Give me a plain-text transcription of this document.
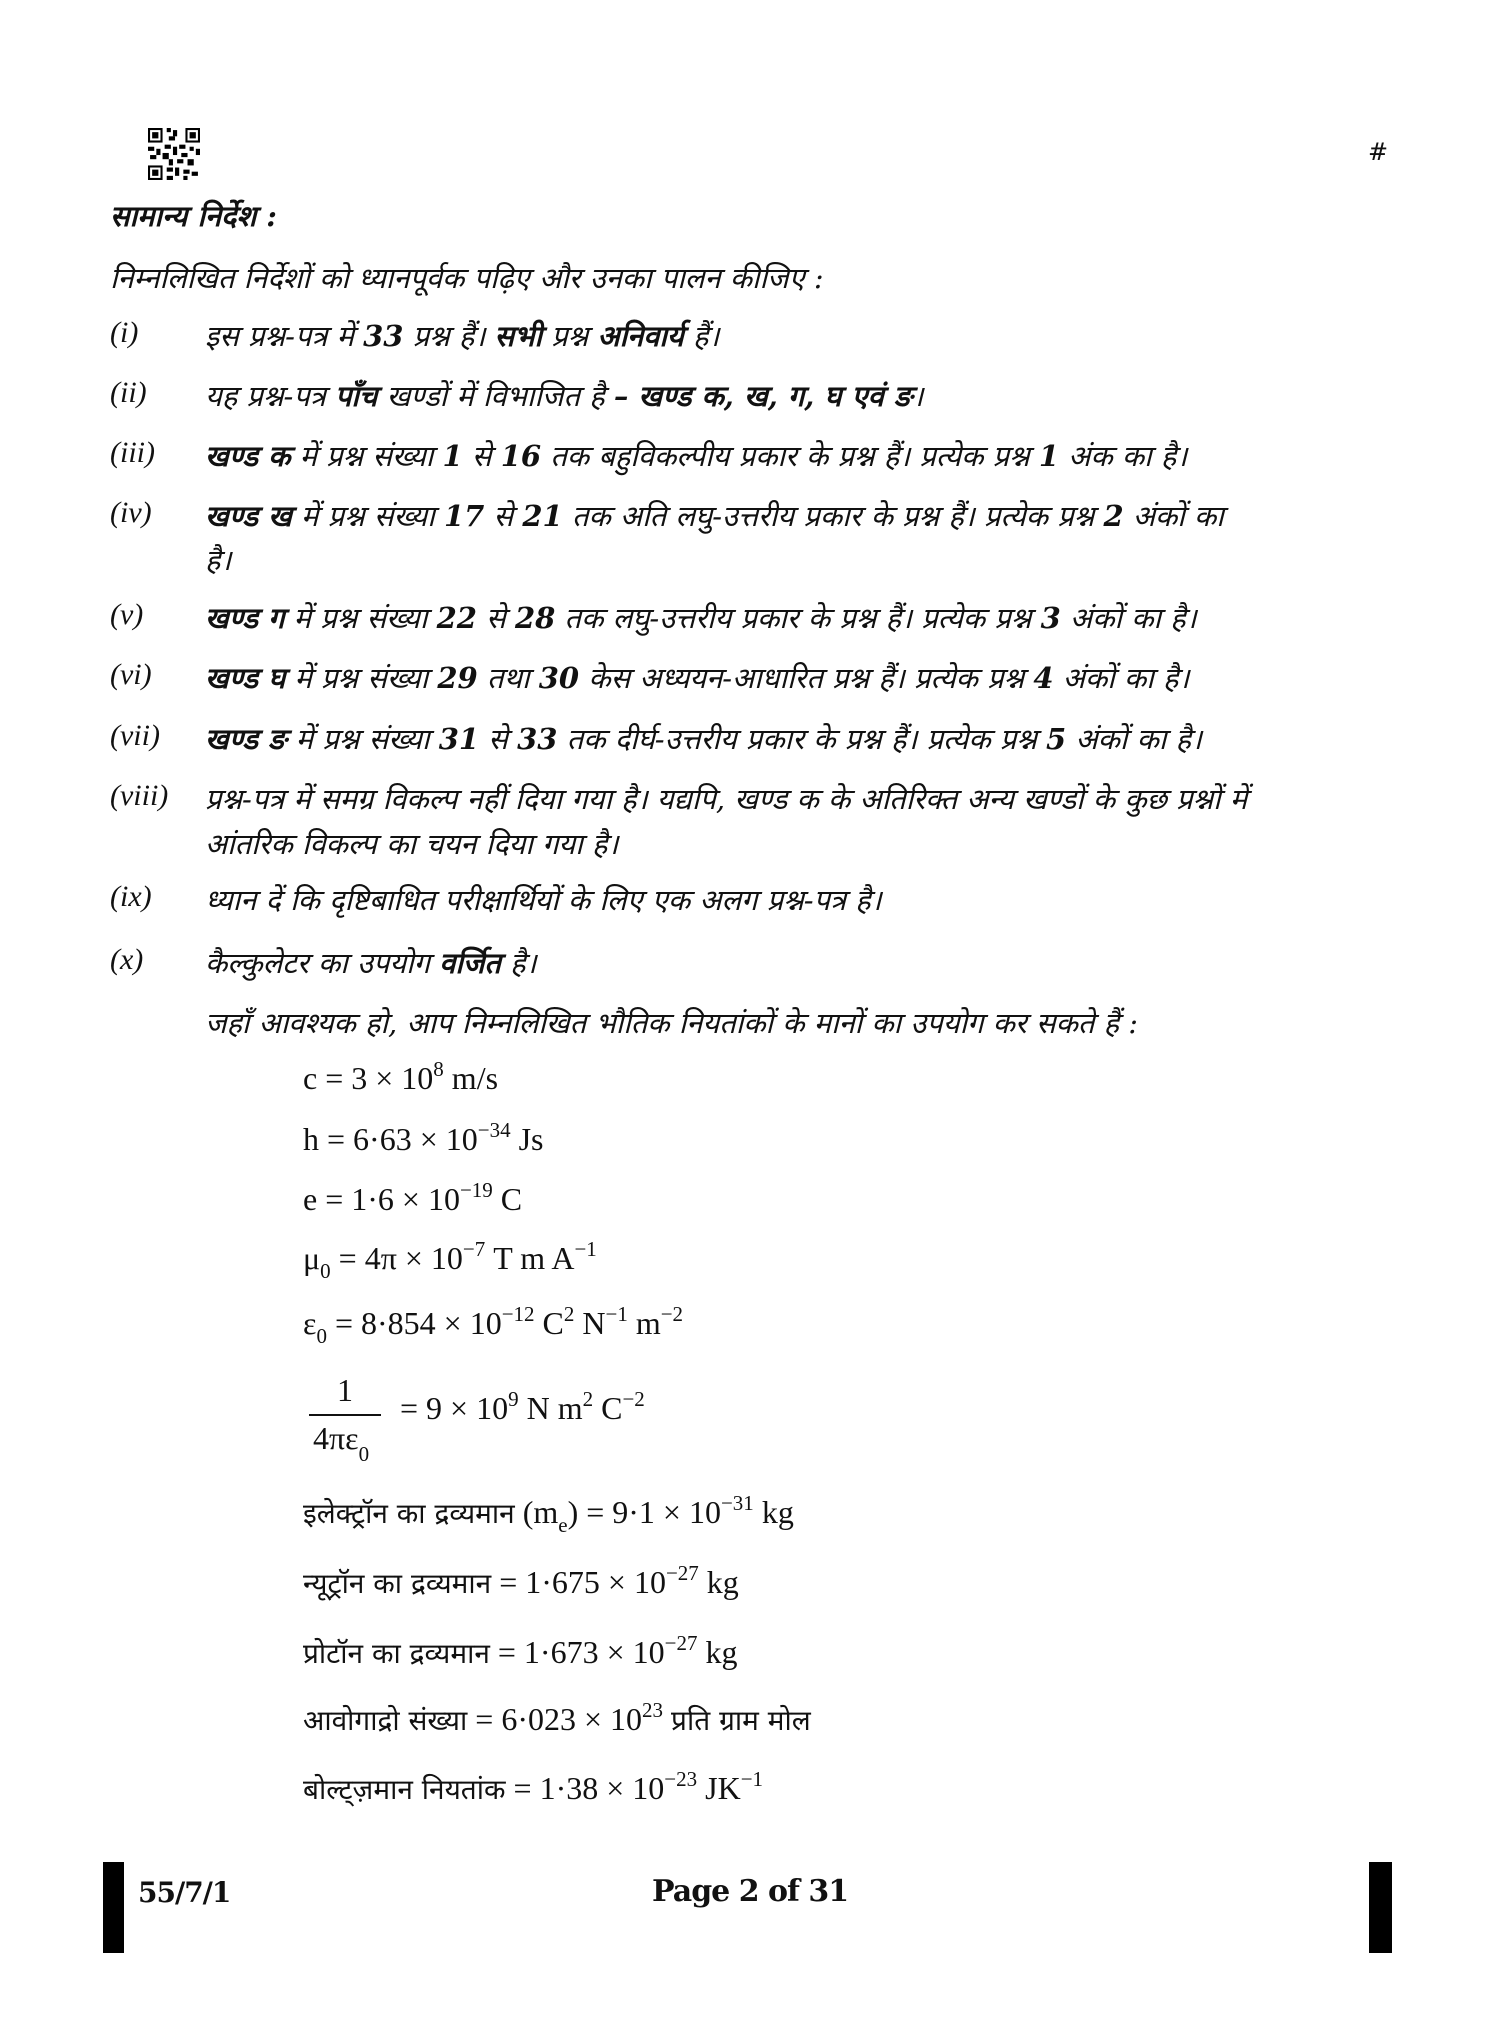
#
सामान्य निर्देश :
निम्नलिखित निर्देशों को ध्यानपूर्वक पढ़िए और उनका पालन कीजिए :
(i) इस प्रश्न-पत्र में 33 प्रश्न हैं। सभी प्रश्न अनिवार्य हैं।
(ii) यह प्रश्न-पत्र पाँच खण्डों में विभाजित है – खण्ड क, ख, ग, घ एवं ङ।
(iii) खण्ड क में प्रश्न संख्या 1 से 16 तक बहुविकल्पीय प्रकार के प्रश्न हैं। प्रत्येक प्रश्न 1 अंक का है।
(iv) खण्ड ख में प्रश्न संख्या 17 से 21 तक अति लघु-उत्तरीय प्रकार के प्रश्न हैं। प्रत्येक प्रश्न 2 अंकों का
है।
(v) खण्ड ग में प्रश्न संख्या 22 से 28 तक लघु-उत्तरीय प्रकार के प्रश्न हैं। प्रत्येक प्रश्न 3 अंकों का है।
(vi) खण्ड घ में प्रश्न संख्या 29 तथा 30 केस अध्ययन-आधारित प्रश्न हैं। प्रत्येक प्रश्न 4 अंकों का है।
(vii) खण्ड ङ में प्रश्न संख्या 31 से 33 तक दीर्घ-उत्तरीय प्रकार के प्रश्न हैं। प्रत्येक प्रश्न 5 अंकों का है।
(viii) प्रश्न-पत्र में समग्र विकल्प नहीं दिया गया है। यद्यपि, खण्ड क के अतिरिक्त अन्य खण्डों के कुछ प्रश्नों में
आंतरिक विकल्प का चयन दिया गया है।
(ix) ध्यान दें कि दृष्टिबाधित परीक्षार्थियों के लिए एक अलग प्रश्न-पत्र है।
(x) कैल्कुलेटर का उपयोग वर्जित है।
जहाँ आवश्यक हो, आप निम्नलिखित भौतिक नियतांकों के मानों का उपयोग कर सकते हैं :
$c = 3 \times 10^8$ m/s
$h = 6\cdot 63 \times 10^{-34}$ Js
$e = 1\cdot 6 \times 10^{-19}$ C
$\mu_0 = 4\pi \times 10^{-7}$ T m $A^{-1}$
$\varepsilon_0 = 8\cdot 854 \times 10^{-12}$ $C^2$ $N^{-1}$ $m^{-2}$
1
$4\pi\varepsilon_0$
= $9 \times 10^9$ N $m^2$ $C^{-2}$
इलेक्ट्रॉन का द्रव्यमान $(m_e) = 9\cdot 1 \times 10^{-31}$ kg
न्यूट्रॉन का द्रव्यमान = $1\cdot 675 \times 10^{-27}$ kg
प्रोटॉन का द्रव्यमान = $1\cdot 673 \times 10^{-27}$ kg
आवोगाद्रो संख्या = $6\cdot 023 \times 10^{23}$ प्रति ग्राम मोल
बोल्ट्ज़मान नियतांक = $1\cdot 38 \times 10^{-23}$ $JK^{-1}$
55/7/1	Page 2 of 31
